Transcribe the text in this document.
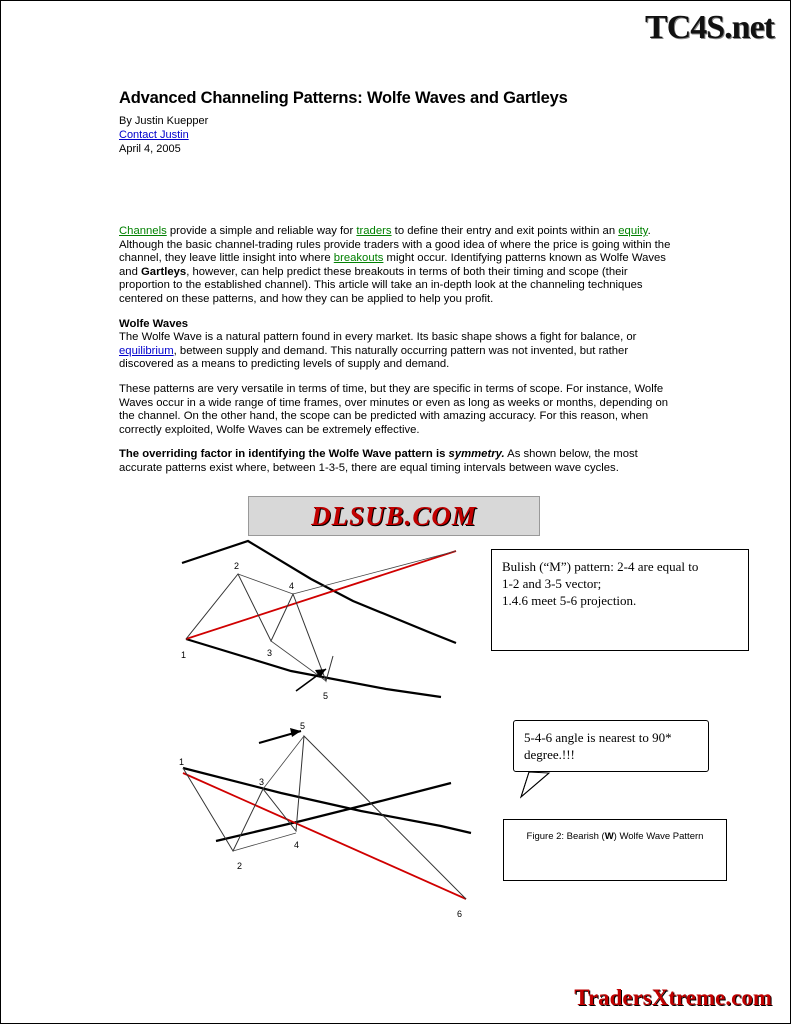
TC4S.net
Advanced Channeling Patterns: Wolfe Waves and Gartleys
By Justin Kuepper
Contact Justin
April 4, 2005

Channels provide a simple and reliable way for traders to define their entry and exit points within an equity. Although the basic channel-trading rules provide traders with a good idea of where the price is going within the channel, they leave little insight into where breakouts might occur. Identifying patterns known as Wolfe Waves and Gartleys, however, can help predict these breakouts in terms of both their timing and scope (their proportion to the established channel). This article will take an in-depth look at the channeling techniques centered on these patterns, and how they can be applied to help you profit.

Wolfe Waves

The Wolfe Wave is a natural pattern found in every market. Its basic shape shows a fight for balance, or equilibrium, between supply and demand. This naturally occurring pattern was not invented, but rather discovered as a means to predicting levels of supply and demand.

These patterns are very versatile in terms of time, but they are specific in terms of scope. For instance, Wolfe Waves occur in a wide range of time frames, over minutes or even as long as weeks or months, depending on the channel. On the other hand, the scope can be predicted with amazing accuracy. For this reason, when correctly exploited, Wolfe Waves can be extremely effective.

The overriding factor in identifying the Wolfe Wave pattern is symmetry. As shown below, the most accurate patterns exist where, between 1-3-5, there are equal timing intervals between wave cycles.

DLSUB.COM
1
2
4
3
5
1
3
5
2
4
6
Bulish (“M”) pattern: 2-4 are equal to
1-2 and 3-5 vector;
1.4.6 meet 5-6 projection.
5-4-6 angle is nearest to 90*
degree.!!!
Figure 2: Bearish (W) Wolfe Wave Pattern
TradersXtreme.com
